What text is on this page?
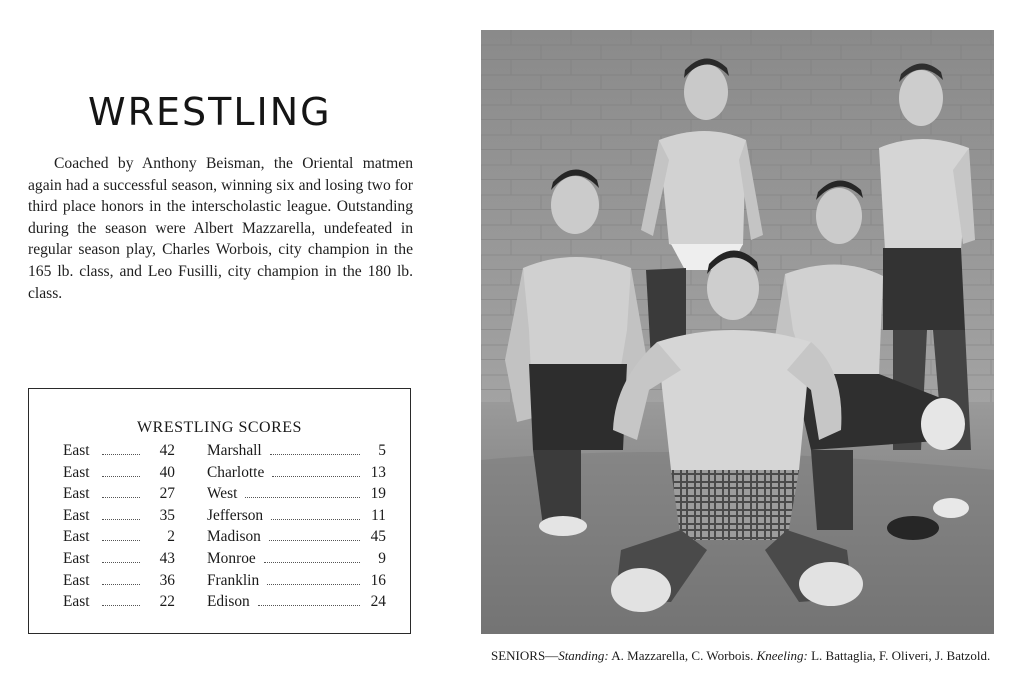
WRESTLING

Coached by Anthony Beisman, the Oriental matmen again had a successful season, winning six and losing two for third place honors in the interscholastic league. Outstanding during the season were Albert Mazzarella, undefeated in regular season play, Charles Worbois, city champion in the 165 lb. class, and Leo Fusilli, city champion in the 180 lb. class.

WRESTLING SCORES
East	42 Marshall	5
East	40 Charlotte	13
East	27 West	19
East	35 Jefferson	11
East	2 Madison	45
East	43 Monroe	9
East	36 Franklin	16
East	22 Edison	24

SENIORS—Standing: A. Mazzarella, C. Worbois. Kneeling: L. Battaglia, F. Oliveri, J. Batzold.
